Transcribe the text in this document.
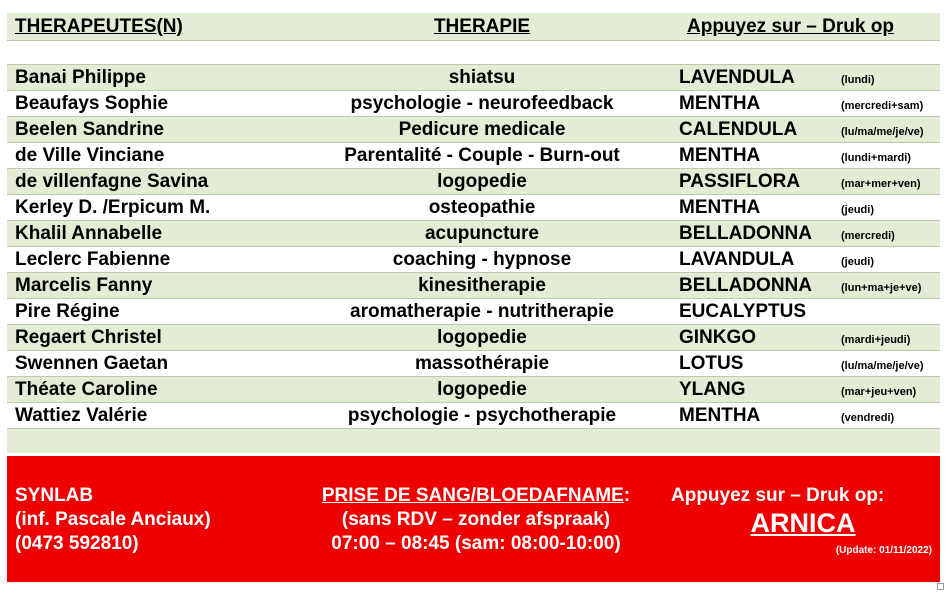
THERAPEUTES(N)	THERAPIE	Appuyez sur – Druk op
Banai Philippe	shiatsu	LAVENDULA	(lundi)
Beaufays Sophie	psychologie - neurofeedback	MENTHA	(mercredi+sam)
Beelen Sandrine	Pedicure medicale	CALENDULA	(lu/ma/me/je/ve)
de Ville Vinciane	Parentalité - Couple - Burn-out	MENTHA	(lundi+mardi)
de villenfagne Savina	logopedie	PASSIFLORA	(mar+mer+ven)
Kerley D. /Erpicum M.	osteopathie	MENTHA	(jeudi)
Khalil Annabelle	acupuncture	BELLADONNA	(mercredi)
Leclerc Fabienne	coaching - hypnose	LAVANDULA	(jeudi)
Marcelis Fanny	kinesitherapie	BELLADONNA	(lun+ma+je+ve)
Pire Régine	aromatherapie - nutritherapie	EUCALYPTUS
Regaert Christel	logopedie	GINKGO	(mardi+jeudi)
Swennen Gaetan	massothérapie	LOTUS	(lu/ma/me/je/ve)
Théate Caroline	logopedie	YLANG	(mar+jeu+ven)
Wattiez Valérie	psychologie - psychotherapie	MENTHA	(vendredi)
SYNLAB
(inf. Pascale Anciaux)
(0473 592810)
PRISE DE SANG/BLOEDAFNAME:
(sans RDV – zonder afspraak)
07:00 – 08:45 (sam: 08:00-10:00)
Appuyez sur – Druk op:
ARNICA
(Update: 01/11/2022)
